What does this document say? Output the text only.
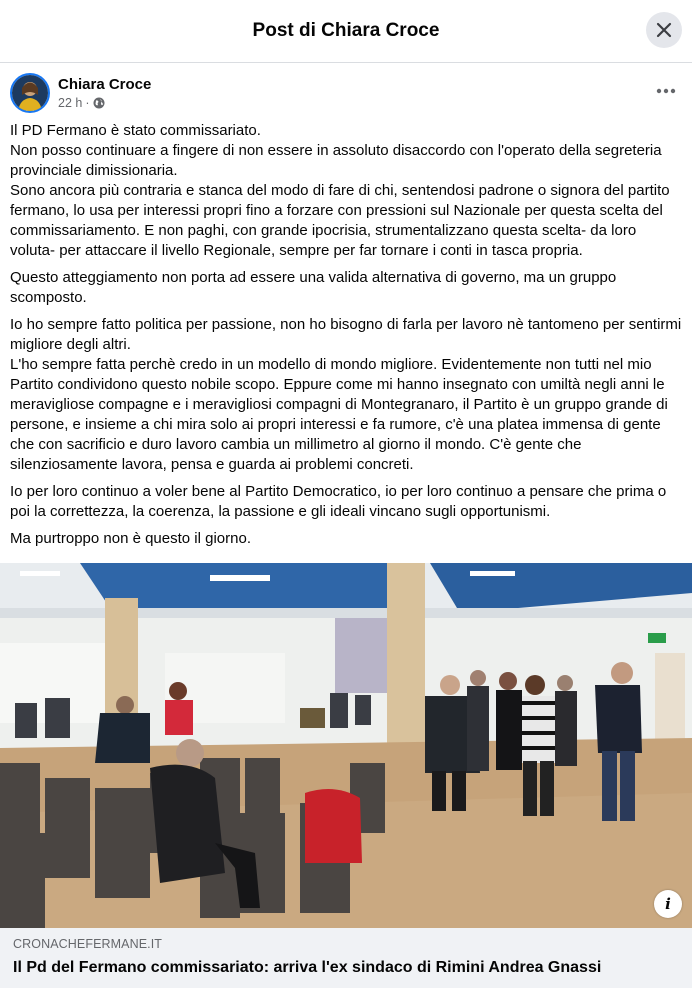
Post di Chiara Croce
Chiara Croce
22 h ·

Il PD Fermano è stato commissariato.
Non posso continuare a fingere di non essere in assoluto disaccordo con l'operato della segreteria provinciale dimissionaria.
Sono ancora più contraria e stanca del modo di fare di chi, sentendosi padrone o signora del partito fermano, lo usa per interessi propri fino a forzare con pressioni sul Nazionale per questa scelta del commissariamento. E non paghi, con grande ipocrisia, strumentalizzano questa scelta- da loro voluta- per attaccare il livello Regionale, sempre per far tornare i conti in tasca propria.

Questo atteggiamento non porta ad essere una valida alternativa di governo, ma un gruppo scomposto.

Io ho sempre fatto politica per passione, non ho bisogno di farla per lavoro nè tantomeno per sentirmi migliore degli altri.
L'ho sempre fatta perchè credo in un modello di mondo migliore. Evidentemente non tutti nel mio Partito condividono questo nobile scopo. Eppure come mi hanno insegnato con umiltà negli anni le meravigliose compagne e i meravigliosi compagni di Montegranaro, il Partito è un gruppo grande di persone, e insieme a chi mira solo ai propri interessi e fa rumore, c'è una platea immensa di gente che con sacrificio e duro lavoro cambia un millimetro al giorno il mondo. C'è gente che silenziosamente lavora, pensa e guarda ai problemi concreti.

Io per loro continuo a voler bene al Partito Democratico, io per loro continuo a pensare che prima o poi la correttezza, la coerenza, la passione e gli ideali vincano sugli opportunismi.

Ma purtroppo non è questo il giorno.

i
CRONACHEFERMANE.IT
Il Pd del Fermano commissariato: arriva l'ex sindaco di Rimini Andrea Gnassi
